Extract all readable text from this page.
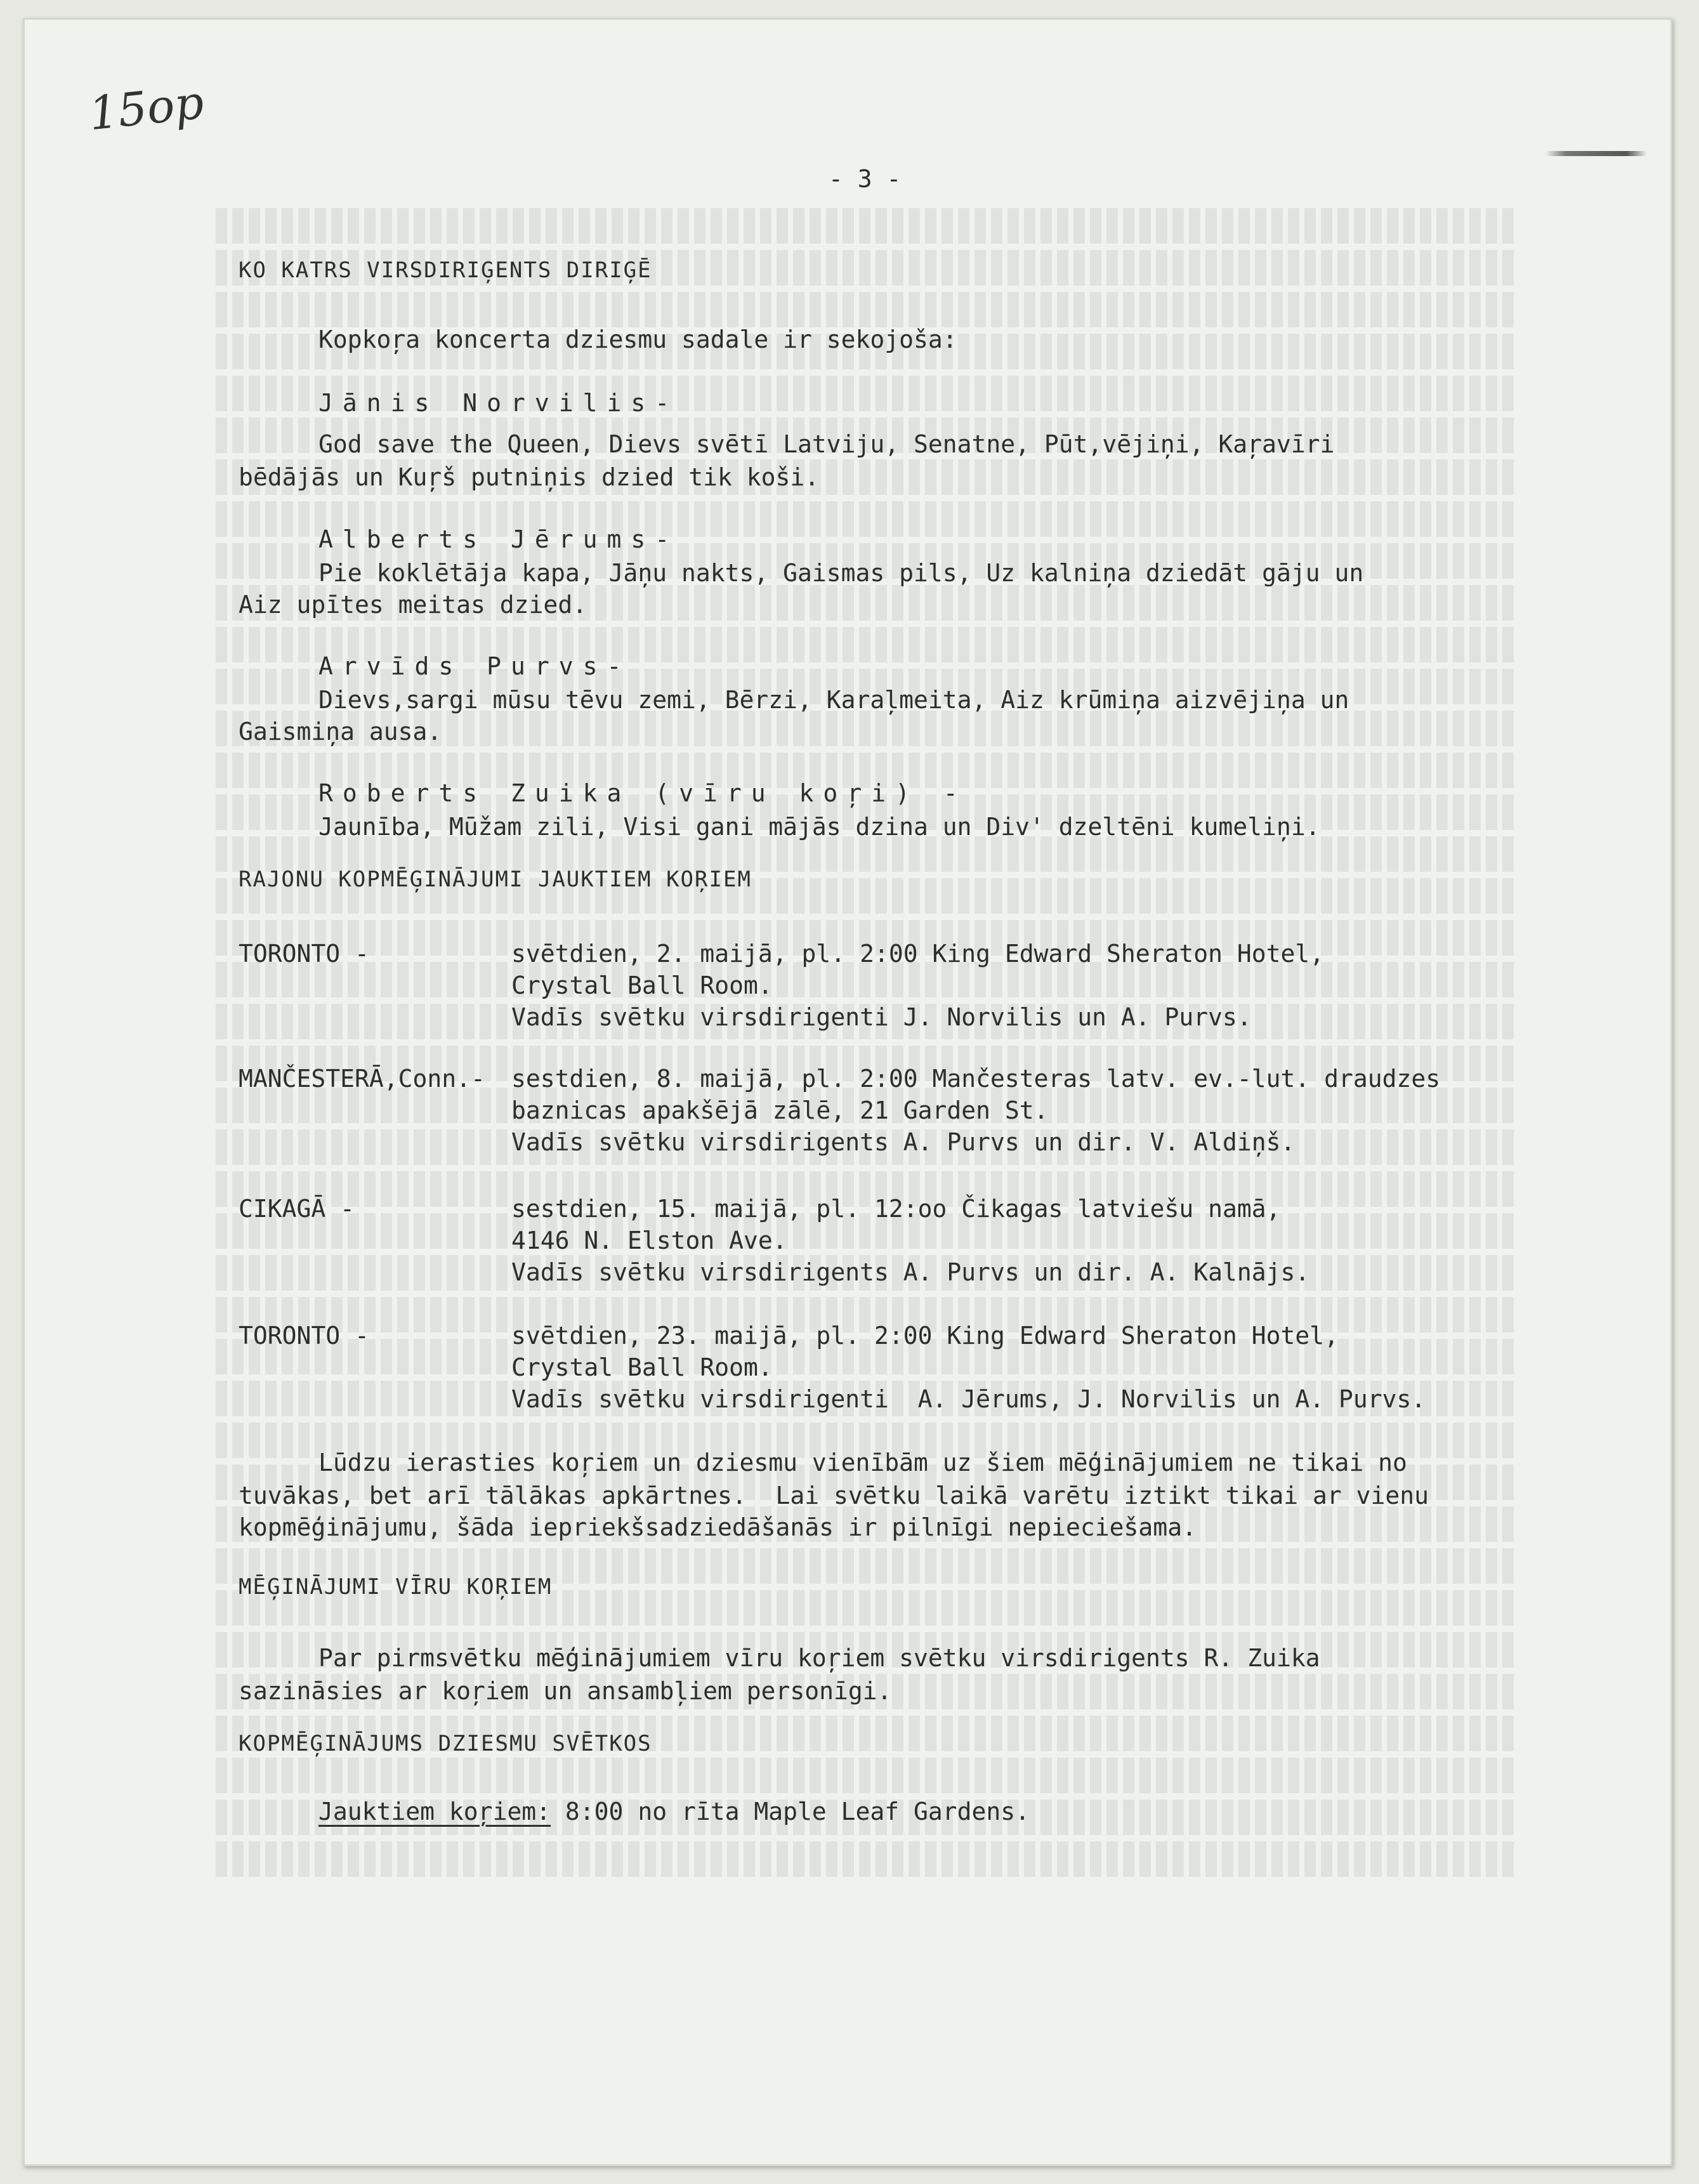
15op
- 3 -
KO KATRS VIRSDIRIĢENTS DIRIĢĒ
Kopkoŗa koncerta dziesmu sadale ir sekojoša:
Jānis Norvilis-
God save the Queen, Dievs svētī Latviju, Senatne, Pūt,vējiņi, Kaŗavīri
bēdājās un Kuŗš putniņis dzied tik koši.
Alberts Jērums-
Pie koklētāja kapa, Jāņu nakts, Gaismas pils, Uz kalniņa dziedāt gāju un
Aiz upītes meitas dzied.
Arvīds Purvs-
Dievs,sargi mūsu tēvu zemi, Bērzi, Karaļmeita, Aiz krūmiņa aizvējiņa un
Gaismiņa ausa.
Roberts Zuika (vīru koŗi) -
Jaunība, Mūžam zili, Visi gani mājās dzina un Div' dzeltēni kumeliņi.
RAJONU KOPMĒĢINĀJUMI JAUKTIEM KOŖIEM
TORONTO -	svētdien, 2. maijā, pl. 2:00 King Edward Sheraton Hotel,
Crystal Ball Room.
Vadīs svētku virsdirigenti J. Norvilis un A. Purvs.
MANČESTERĀ,Conn.- sestdien, 8. maijā, pl. 2:00 Mančesteras latv. ev.-lut. draudzes
baznicas apakšējā zālē, 21 Garden St.
Vadīs svētku virsdirigents A. Purvs un dir. V. Aldiņš.
CIKAGĀ -	sestdien, 15. maijā, pl. 12:oo Čikagas latviešu namā,
4146 N. Elston Ave.
Vadīs svētku virsdirigents A. Purvs un dir. A. Kalnājs.
TORONTO -	svētdien, 23. maijā, pl. 2:00 King Edward Sheraton Hotel,
Crystal Ball Room.
Vadīs svētku virsdirigenti  A. Jērums, J. Norvilis un A. Purvs.
Lūdzu ierasties koŗiem un dziesmu vienībām uz šiem mēģinājumiem ne tikai no
tuvākas, bet arī tālākas apkārtnes.  Lai svētku laikā varētu iztikt tikai ar vienu
kopmēģinājumu, šāda iepriekšsadziedāšanās ir pilnīgi nepieciešama.
MĒĢINĀJUMI VĪRU KOŖIEM
Par pirmsvētku mēģinājumiem vīru koŗiem svētku virsdirigents R. Zuika
sazināsies ar koŗiem un ansambļiem personīgi.
KOPMĒĢINĀJUMS DZIESMU SVĒTKOS
Jauktiem koŗiem: 8:00 no rīta Maple Leaf Gardens.
